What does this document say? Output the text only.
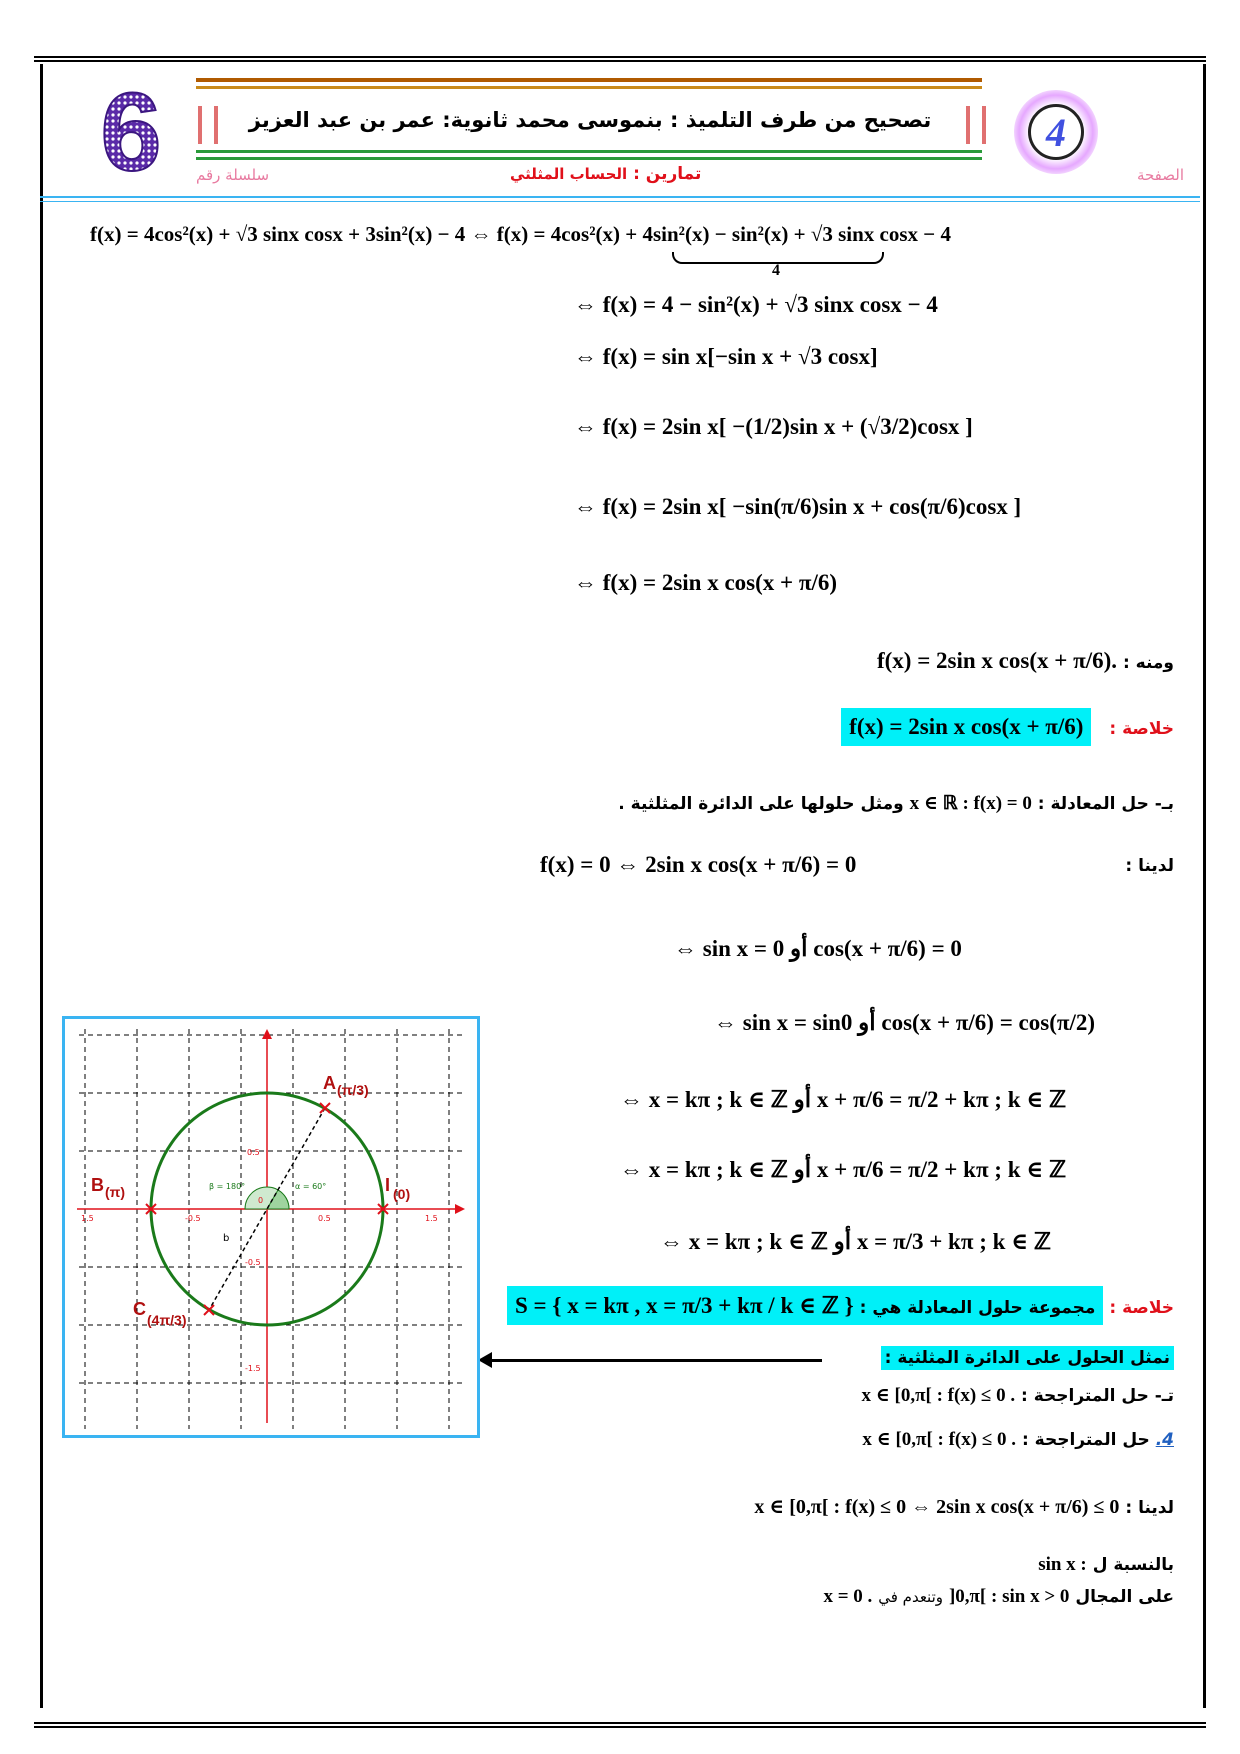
6	تصحيح من طرف التلميذ : بنموسى محمد ثانوية: عمر بن عبد العزيز	4
الصفحة
سلسلة رقم	تمارين : الحساب المثلثي
f(x) = 4cos²(x) + √3 sinx cosx + 3sin²(x) − 4 ⇔ f(x) = 4cos²(x) + 4sin²(x) − sin²(x) + √3 sinx cosx − 4
4
⇔ f(x) = 4 − sin²(x) + √3 sinx cosx − 4
⇔ f(x) = sin x[−sin x + √3 cosx]
⇔ f(x) = 2sin x[ −(1/2)sin x + (√3/2)cosx ]
⇔ f(x) = 2sin x[ −sin(π/6)sin x + cos(π/6)cosx ]
⇔ f(x) = 2sin x cos(x + π/6)
ومنه : f(x) = 2sin x cos(x + π/6).
خلاصة : f(x) = 2sin x cos(x + π/6)
بـ- حل المعادلة : x ∈ ℝ : f(x) = 0 ومثل حلولها على الدائرة المثلثية .
لدينا :
f(x) = 0 ⇔ 2sin x cos(x + π/6) = 0
⇔ sin x = 0 أو cos(x + π/6) = 0
⇔ sin x = sin0 أو cos(x + π/6) = cos(π/2)
⇔ x = kπ ; k ∈ ℤ أو x + π/6 = π/2 + kπ ; k ∈ ℤ
⇔ x = kπ ; k ∈ ℤ أو x + π/6 = π/2 + kπ ; k ∈ ℤ
⇔ x = kπ ; k ∈ ℤ أو x = π/3 + kπ ; k ∈ ℤ
خلاصة : مجموعة حلول المعادلة هي : S = { x = kπ , x = π/3 + kπ / k ∈ ℤ }
نمثل الحلول على الدائرة المثلثية :
تـ- حل المتراجحة : x ∈ [0,π[ : f(x) ≤ 0 .
4. حل المتراجحة : x ∈ [0,π[ : f(x) ≤ 0 .
لدينا : x ∈ [0,π[ : f(x) ≤ 0 ⇔ 2sin x cos(x + π/6) ≤ 0
بالنسبة ل sin x :
على المجال ]0,π[ : sin x > 0 وتنعدم في x = 0 .
1.5	-0.5
0
0.5	1.5
0.5
-0.5
-1.5
β = 180°	α = 60°
b
A (π/3)
B (π)
C
(4π/3)
I (0)
